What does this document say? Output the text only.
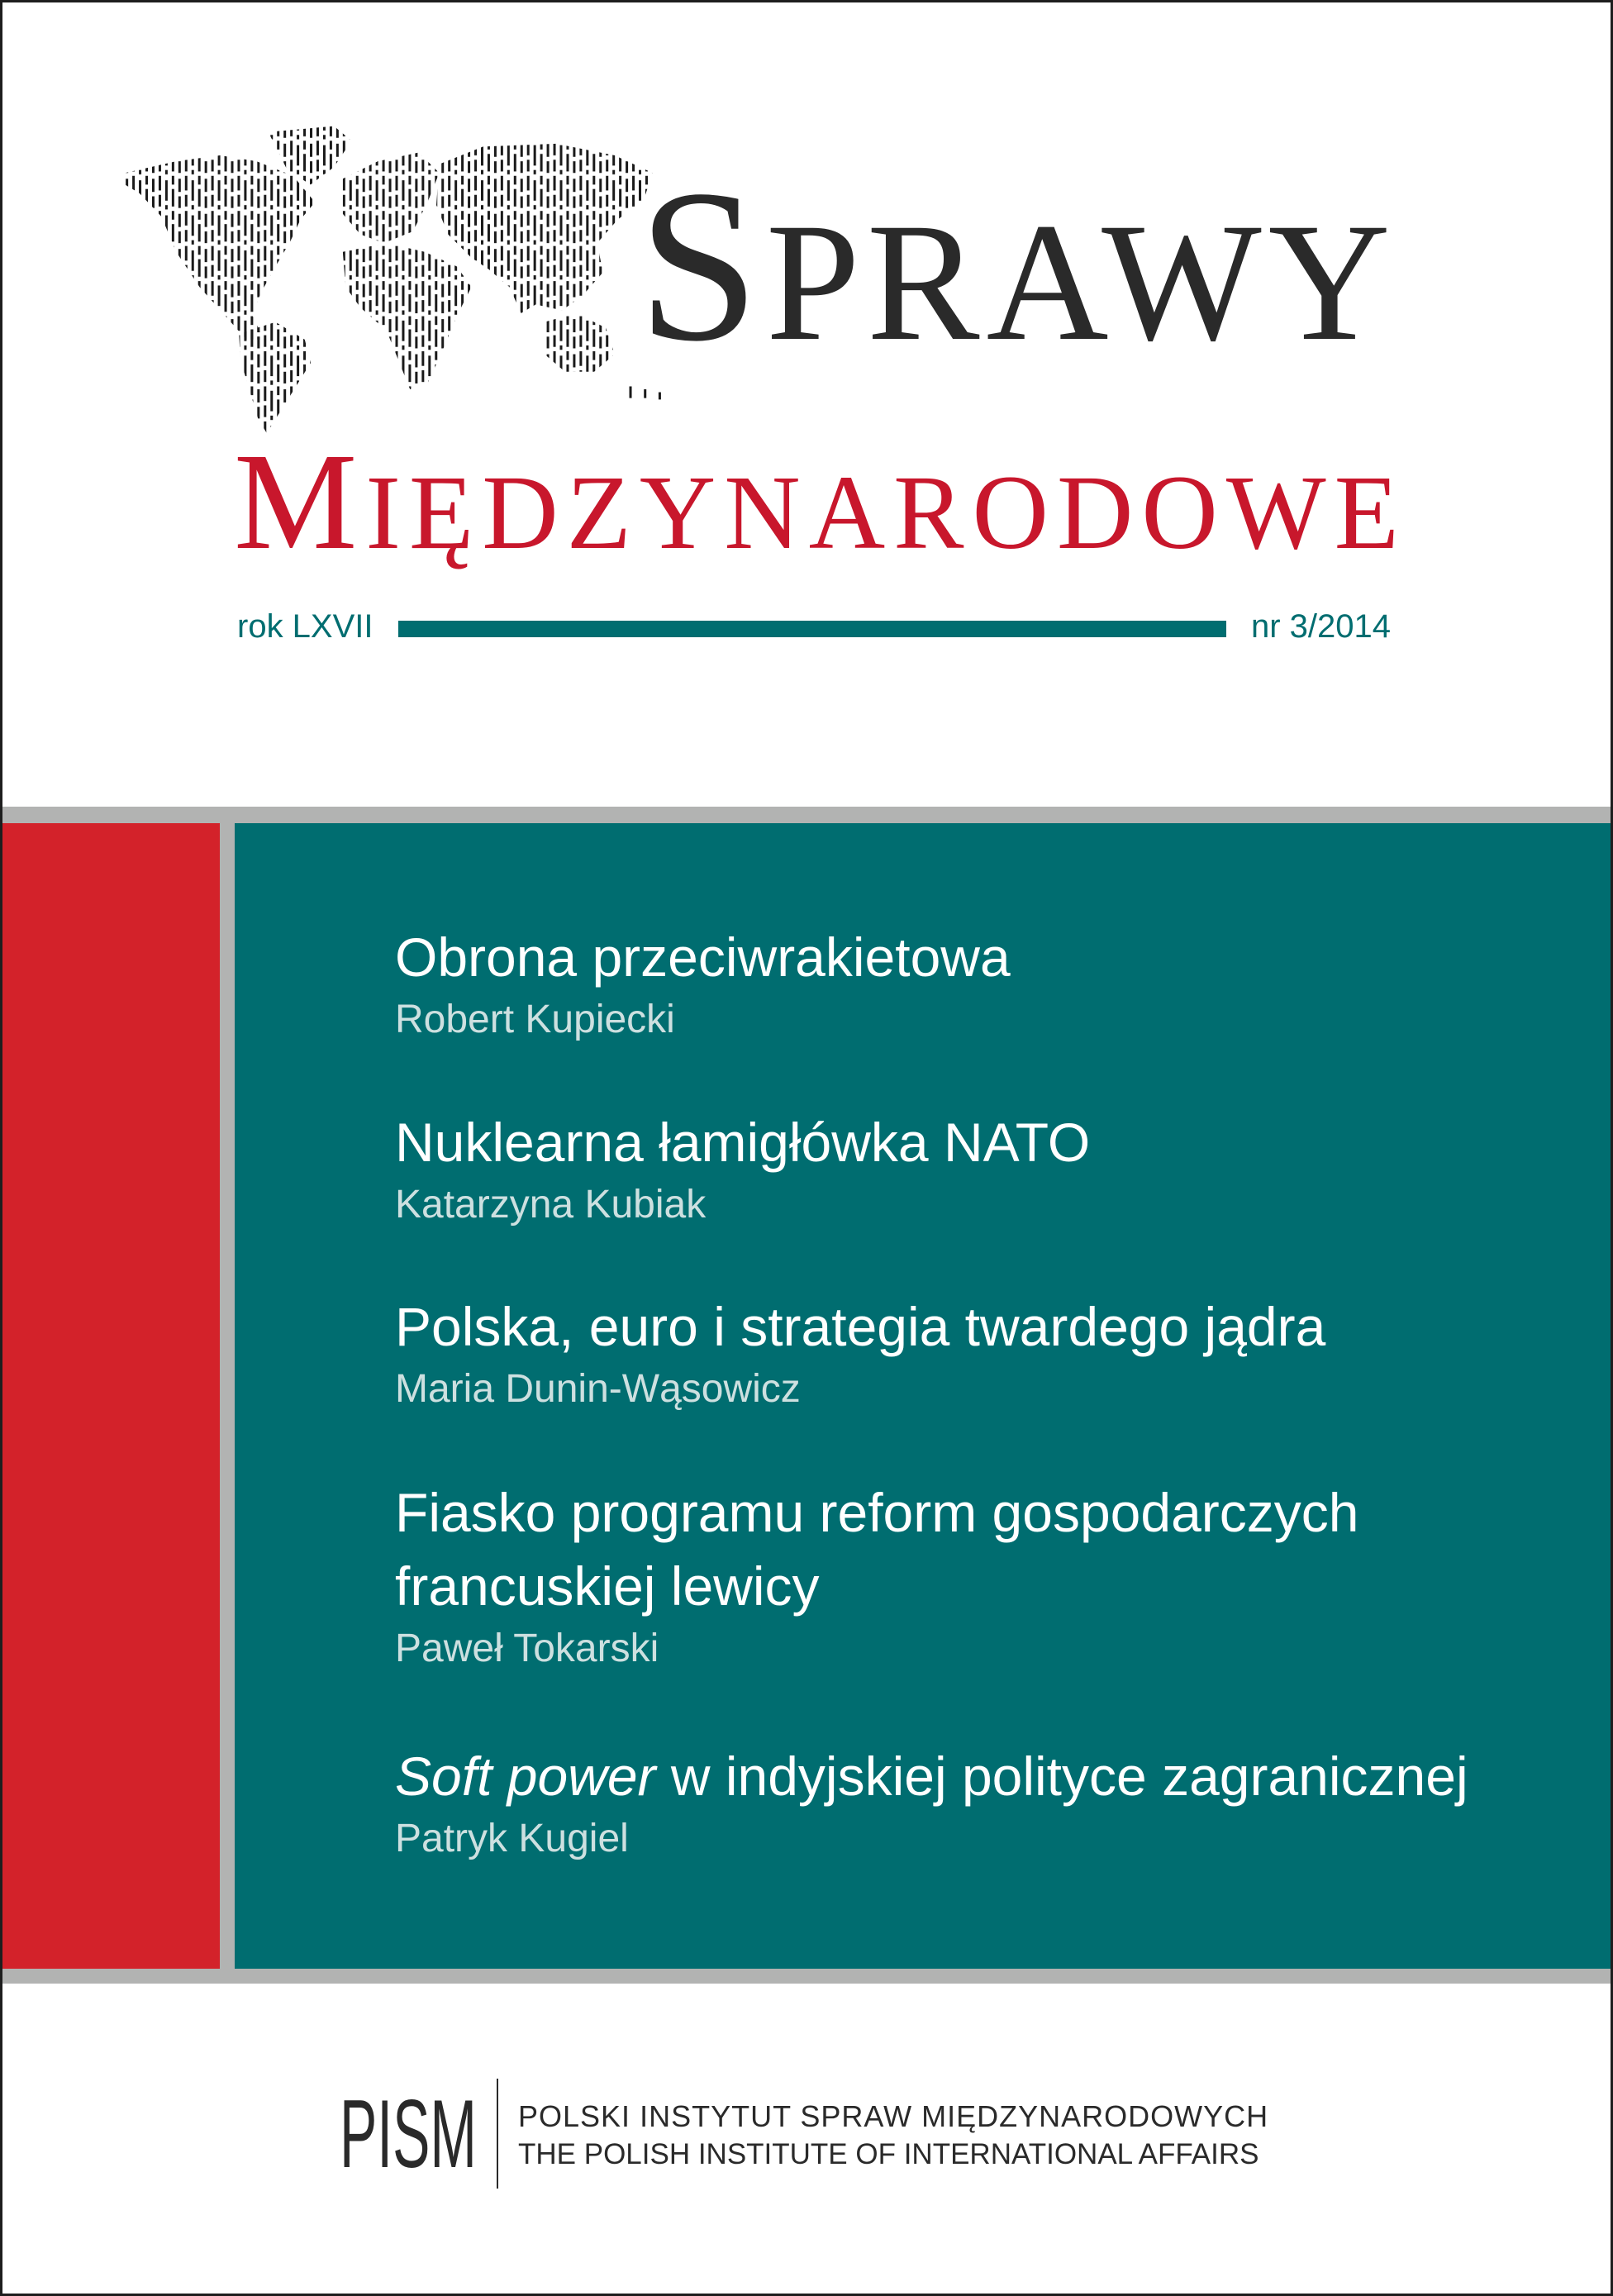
SPRAWY
MIĘDZYNARODOWE
rok LXVII	nr 3/2014
Obrona przeciwrakietowa
Robert Kupiecki
Nuklearna łamigłówka NATO
Katarzyna Kubiak
Polska, euro i strategia twardego jądra
Maria Dunin-Wąsowicz
Fiasko programu reform gospodarczych
francuskiej lewicy
Paweł Tokarski
Soft power w indyjskiej polityce zagranicznej
Patryk Kugiel
PISM POLSKI INSTYTUT SPRAW MIĘDZYNARODOWYCH
THE POLISH INSTITUTE OF INTERNATIONAL AFFAIRS
